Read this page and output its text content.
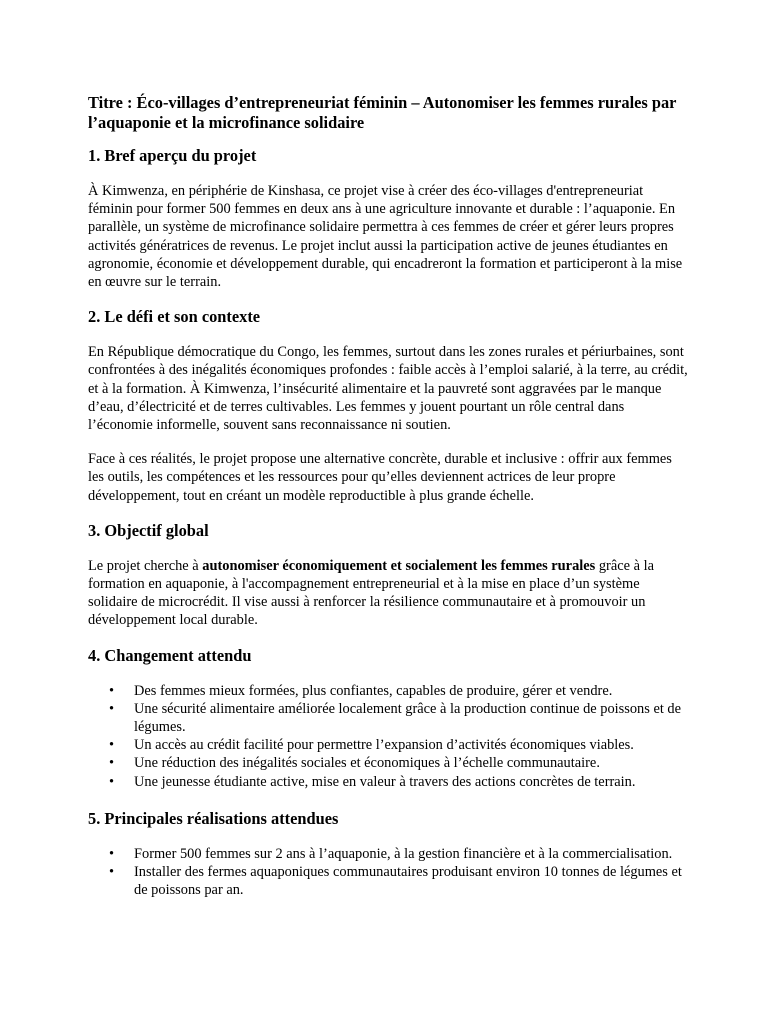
Titre : Éco-villages d’entrepreneuriat féminin – Autonomiser les femmes rurales par l’aquaponie et la microfinance solidaire
1. Bref aperçu du projet

À Kimwenza, en périphérie de Kinshasa, ce projet vise à créer des éco-villages d'entrepreneuriat féminin pour former 500 femmes en deux ans à une agriculture innovante et durable : l’aquaponie. En parallèle, un système de microfinance solidaire permettra à ces femmes de créer et gérer leurs propres activités génératrices de revenus. Le projet inclut aussi la participation active de jeunes étudiantes en agronomie, économie et développement durable, qui encadreront la formation et participeront à la mise en œuvre sur le terrain.

2. Le défi et son contexte

En République démocratique du Congo, les femmes, surtout dans les zones rurales et périurbaines, sont confrontées à des inégalités économiques profondes : faible accès à l’emploi salarié, à la terre, au crédit, et à la formation. À Kimwenza, l’insécurité alimentaire et la pauvreté sont aggravées par le manque d’eau, d’électricité et de terres cultivables. Les femmes y jouent pourtant un rôle central dans l’économie informelle, souvent sans reconnaissance ni soutien.

Face à ces réalités, le projet propose une alternative concrète, durable et inclusive : offrir aux femmes les outils, les compétences et les ressources pour qu’elles deviennent actrices de leur propre développement, tout en créant un modèle reproductible à plus grande échelle.

3. Objectif global

Le projet cherche à autonomiser économiquement et socialement les femmes rurales grâce à la formation en aquaponie, à l'accompagnement entrepreneurial et à la mise en place d’un système solidaire de microcrédit. Il vise aussi à renforcer la résilience communautaire et à promouvoir un développement local durable.

4. Changement attendu
• Des femmes mieux formées, plus confiantes, capables de produire, gérer et vendre.
• Une sécurité alimentaire améliorée localement grâce à la production continue de poissons et de légumes.
• Un accès au crédit facilité pour permettre l’expansion d’activités économiques viables.
• Une réduction des inégalités sociales et économiques à l’échelle communautaire.
• Une jeunesse étudiante active, mise en valeur à travers des actions concrètes de terrain.
5. Principales réalisations attendues
• Former 500 femmes sur 2 ans à l’aquaponie, à la gestion financière et à la commercialisation.
• Installer des fermes aquaponiques communautaires produisant environ 10 tonnes de légumes et de poissons par an.
